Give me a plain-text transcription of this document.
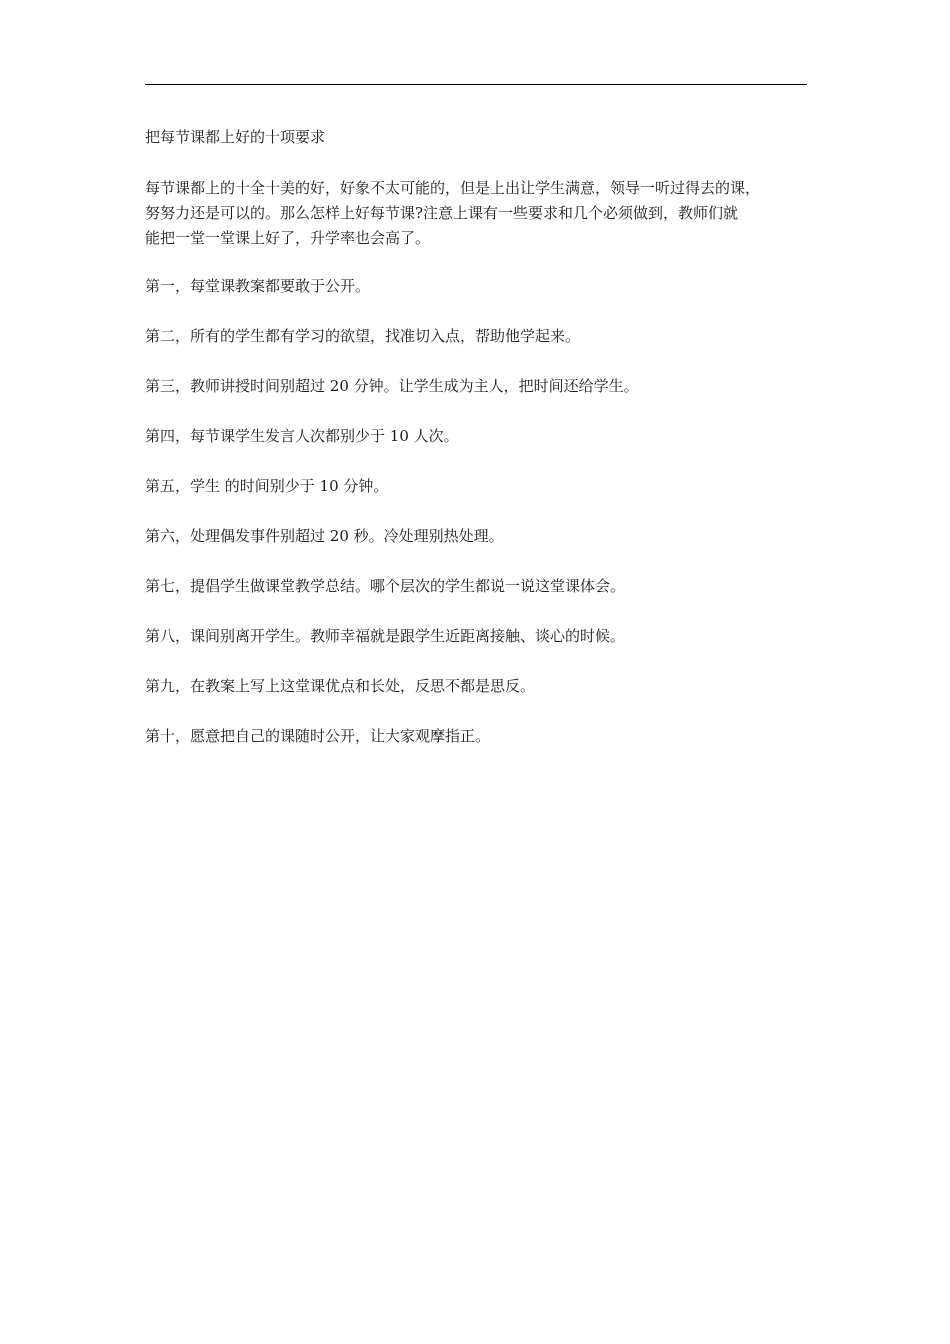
把每节课都上好的十项要求
每节课都上的十全十美的好，好象不太可能的，但是上出让学生满意，领导一听过得去的课，
努努力还是可以的。那么怎样上好每节课?注意上课有一些要求和几个必须做到，教师们就
能把一堂一堂课上好了，升学率也会高了。
第一，每堂课教案都要敢于公开。
第二，所有的学生都有学习的欲望，找准切入点，帮助他学起来。
第三，教师讲授时间别超过 20 分钟。让学生成为主人，把时间还给学生。
第四，每节课学生发言人次都别少于 10 人次。
第五，学生 的时间别少于 10 分钟。
第六，处理偶发事件别超过 20 秒。冷处理别热处理。
第七，提倡学生做课堂教学总结。哪个层次的学生都说一说这堂课体会。
第八，课间别离开学生。教师幸福就是跟学生近距离接触、谈心的时候。
第九，在教案上写上这堂课优点和长处，反思不都是思反。
第十，愿意把自己的课随时公开，让大家观摩指正。
